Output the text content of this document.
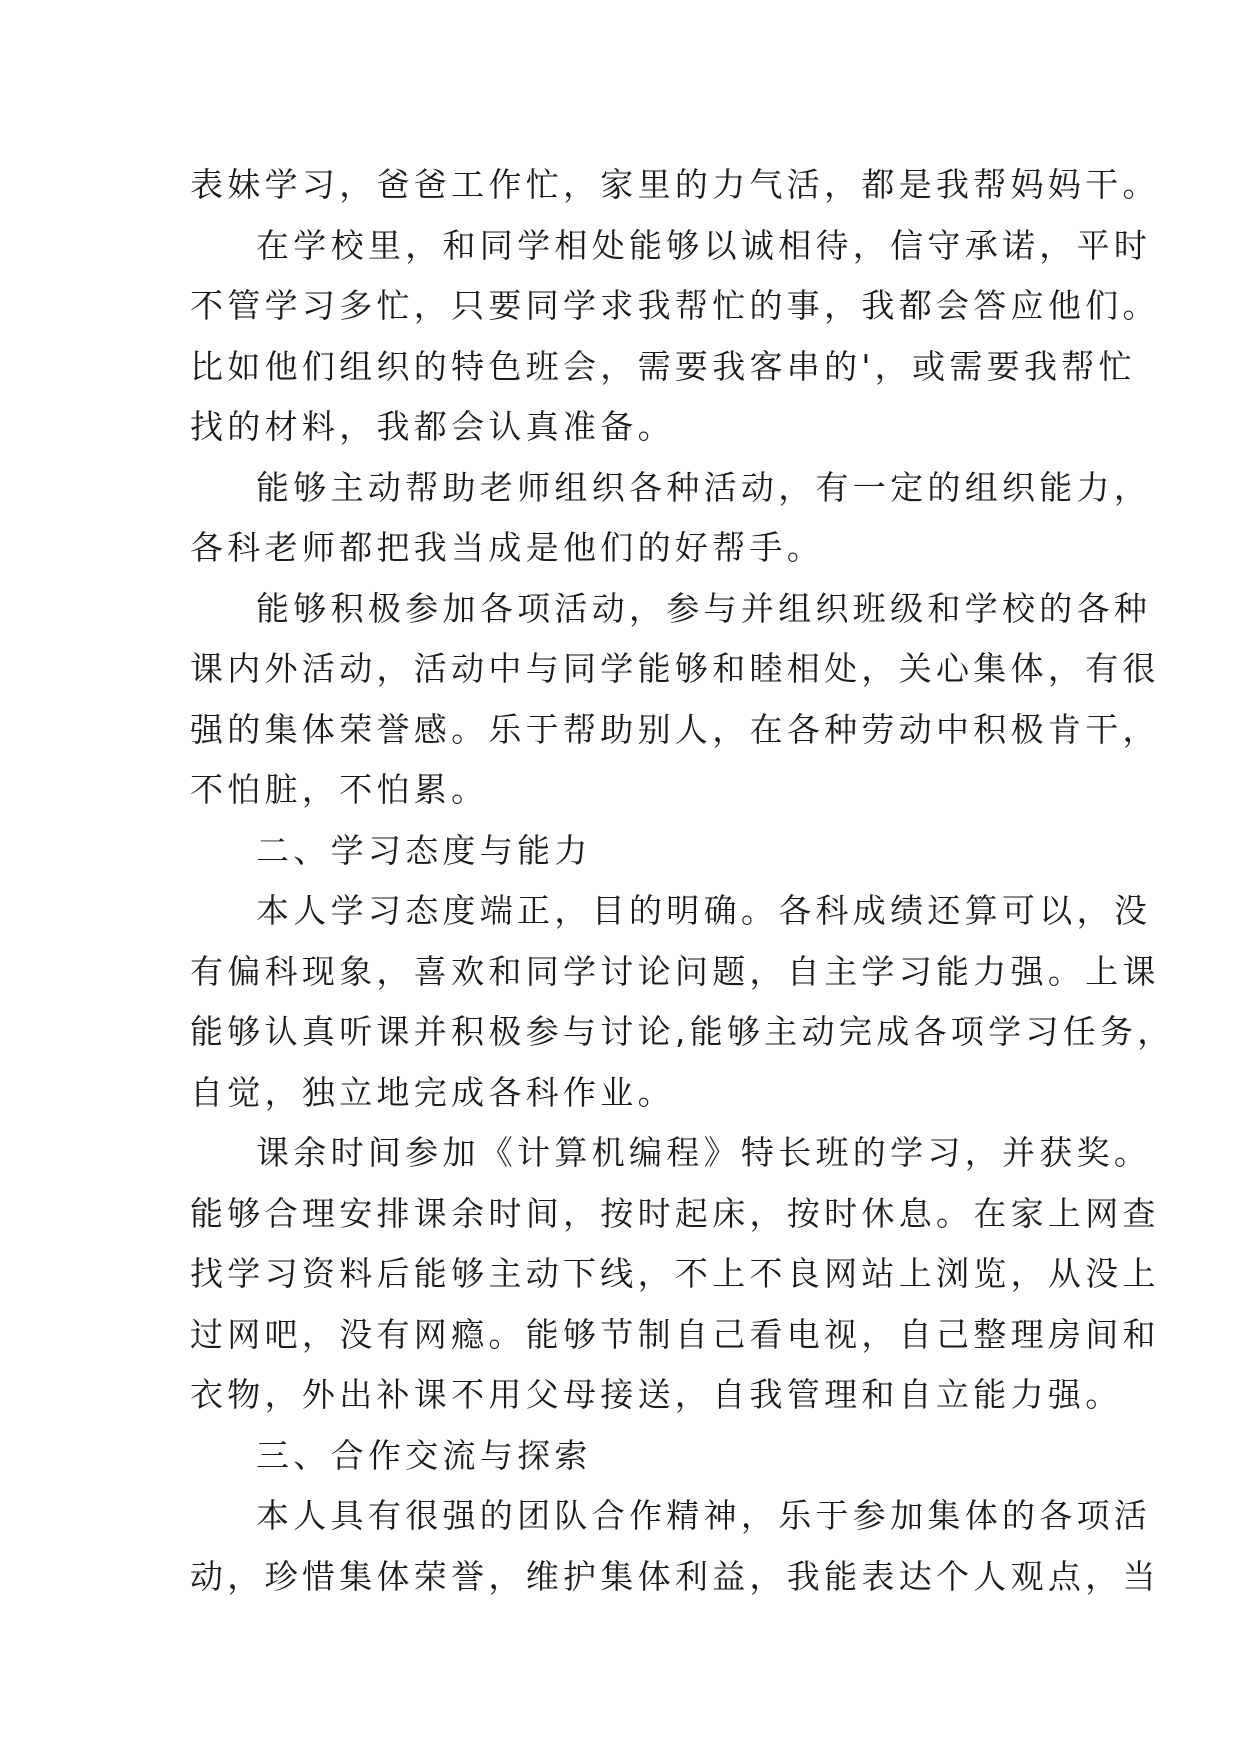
表妹学习，爸爸工作忙，家里的力气活，都是我帮妈妈干。
在学校里，和同学相处能够以诚相待，信守承诺，平时
不管学习多忙，只要同学求我帮忙的事，我都会答应他们。
比如他们组织的特色班会，需要我客串的'，或需要我帮忙
找的材料，我都会认真准备。
能够主动帮助老师组织各种活动，有一定的组织能力，
各科老师都把我当成是他们的好帮手。
能够积极参加各项活动，参与并组织班级和学校的各种
课内外活动，活动中与同学能够和睦相处，关心集体，有很
强的集体荣誉感。乐于帮助别人，在各种劳动中积极肯干，
不怕脏，不怕累。
二、学习态度与能力
本人学习态度端正，目的明确。各科成绩还算可以，没
有偏科现象，喜欢和同学讨论问题，自主学习能力强。上课
能够认真听课并积极参与讨论,能够主动完成各项学习任务，
自觉，独立地完成各科作业。
课余时间参加《计算机编程》特长班的学习，并获奖。
能够合理安排课余时间，按时起床，按时休息。在家上网查
找学习资料后能够主动下线，不上不良网站上浏览，从没上
过网吧，没有网瘾。能够节制自己看电视，自己整理房间和
衣物，外出补课不用父母接送，自我管理和自立能力强。
三、合作交流与探索
本人具有很强的团队合作精神，乐于参加集体的各项活
动，珍惜集体荣誉，维护集体利益，我能表达个人观点，当
